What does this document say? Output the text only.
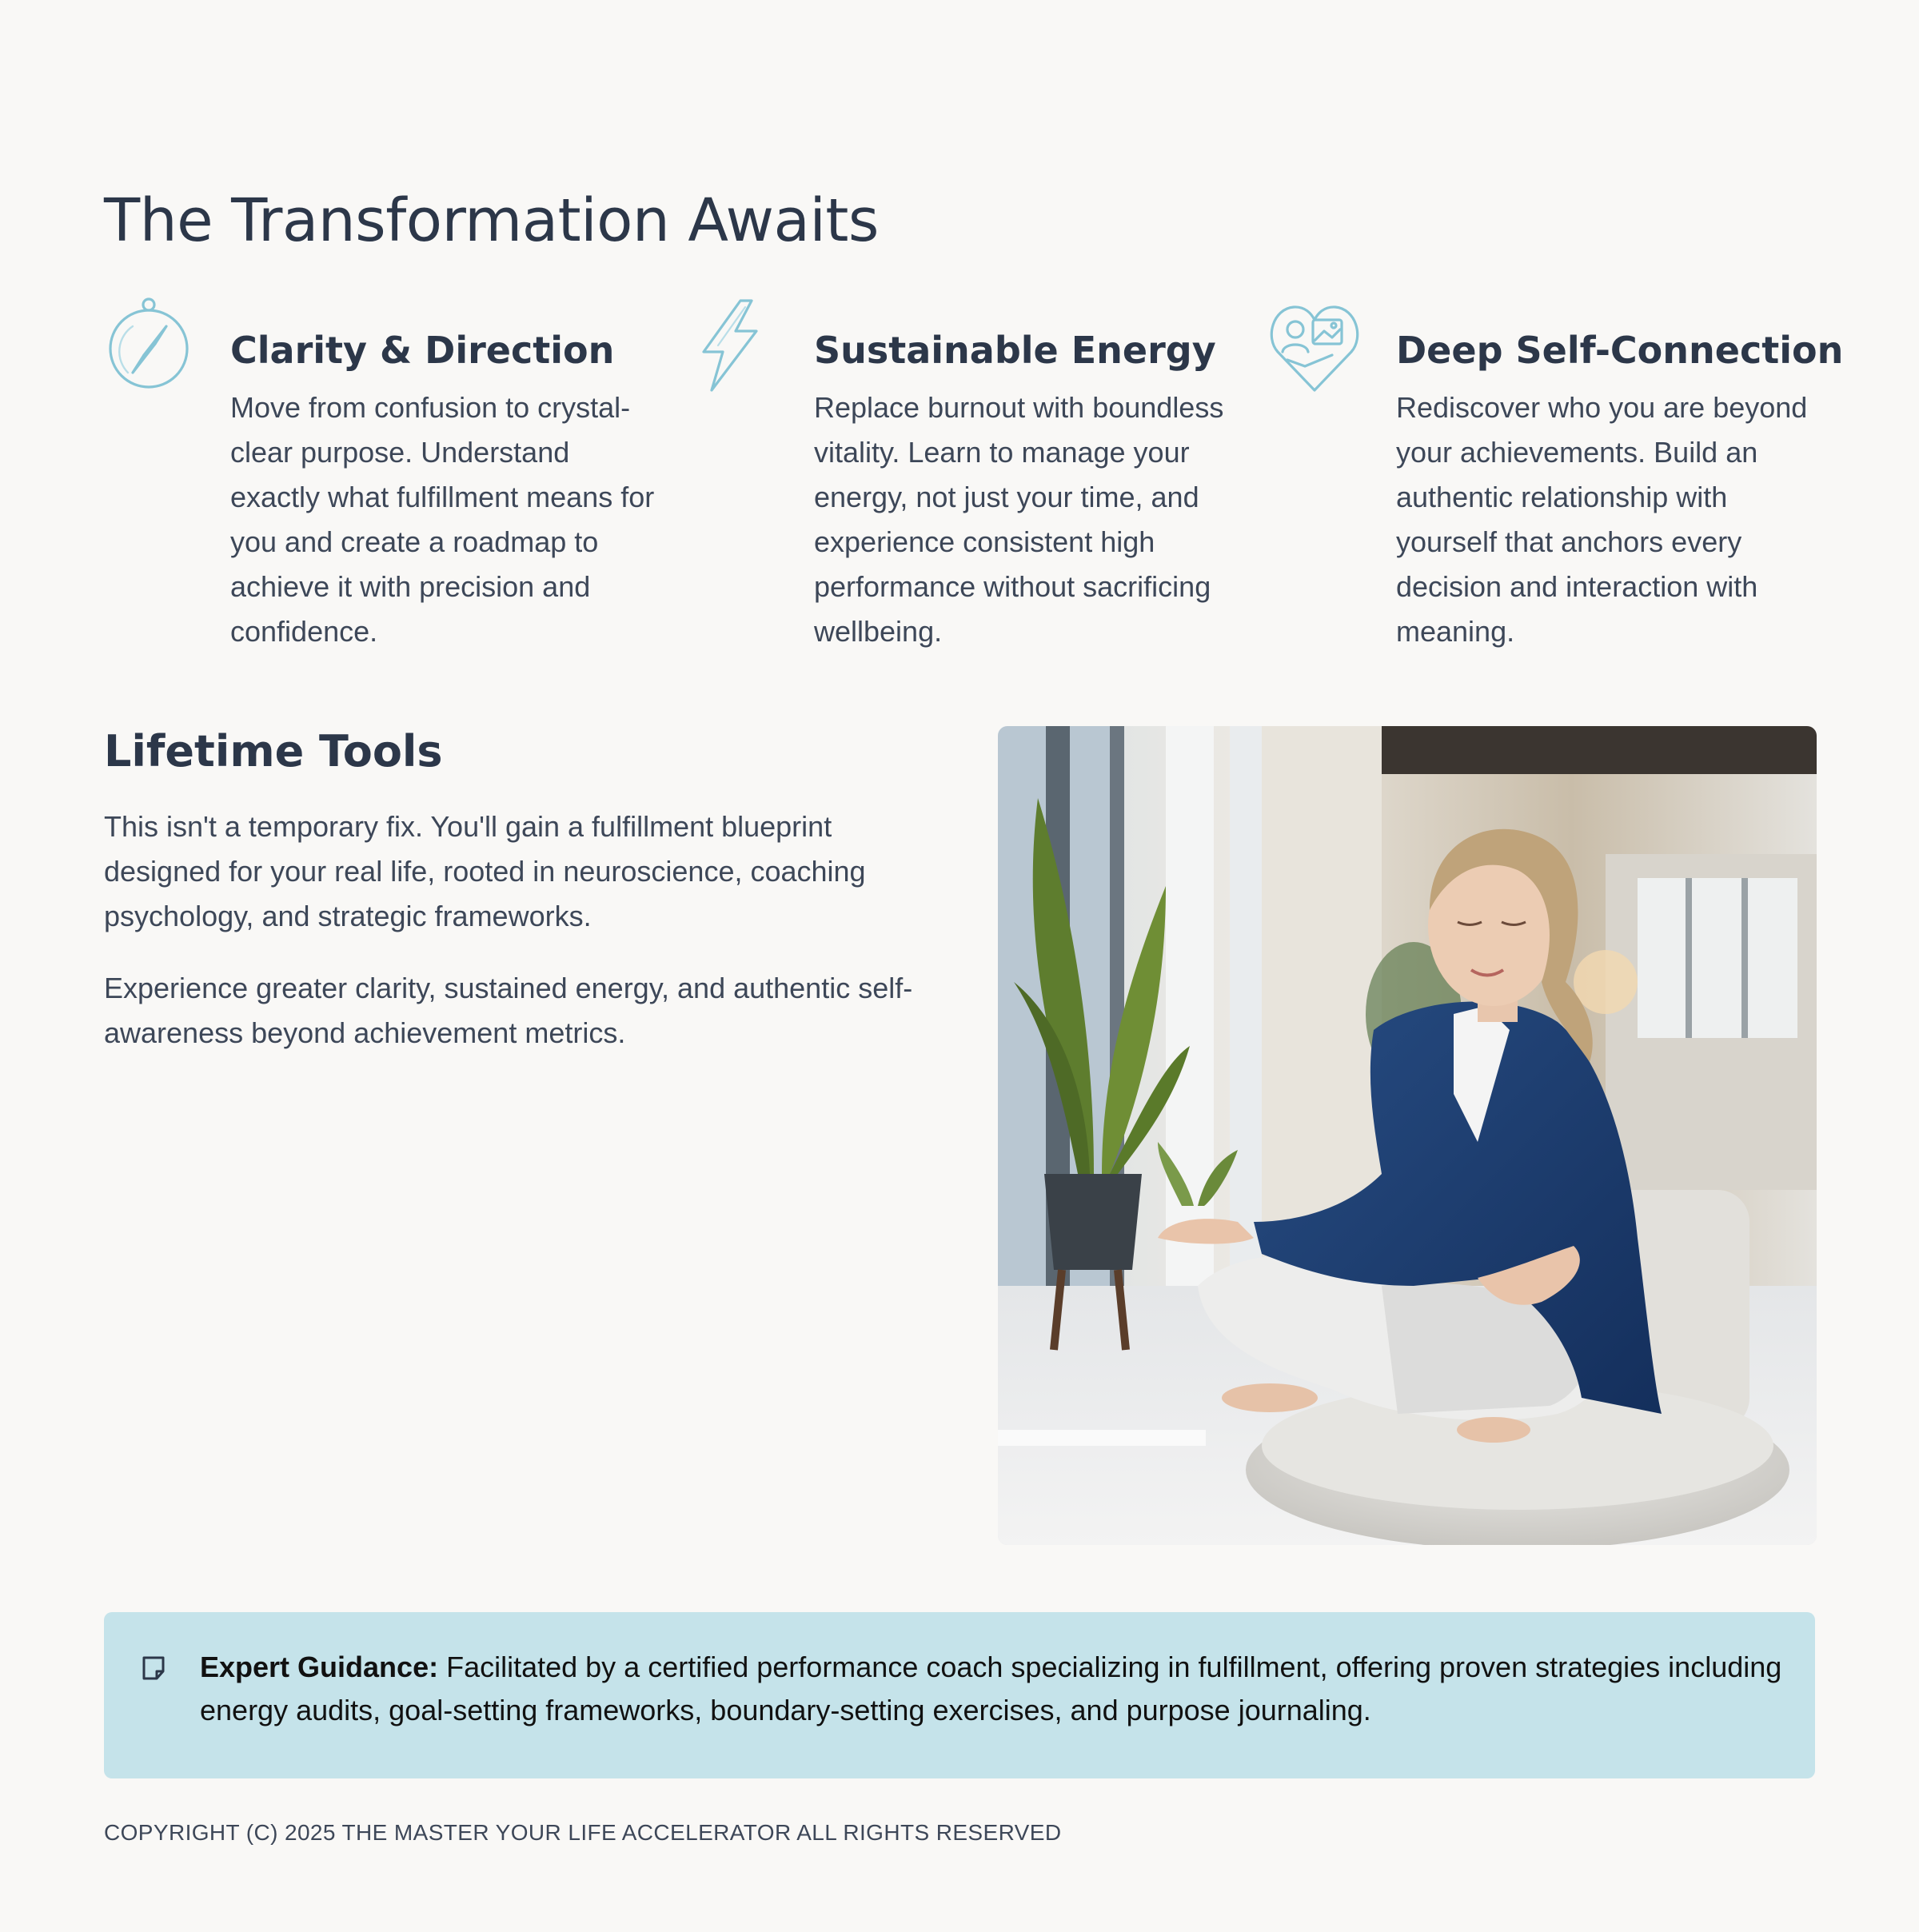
The Transformation Awaits
Clarity & Direction

Move from confusion to crystal-clear purpose. Understand exactly what fulfillment means for you and create a roadmap to achieve it with precision and confidence.

Sustainable Energy

Replace burnout with boundless vitality. Learn to manage your energy, not just your time, and experience consistent high performance without sacrificing wellbeing.

Deep Self-Connection

Rediscover who you are beyond your achievements. Build an authentic relationship with yourself that anchors every decision and interaction with meaning.

Lifetime Tools

This isn't a temporary fix. You'll gain a fulfillment blueprint designed for your real life, rooted in neuroscience, coaching psychology, and strategic frameworks.

Experience greater clarity, sustained energy, and authentic self-awareness beyond achievement metrics.

Expert Guidance: Facilitated by a certified performance coach specializing in fulfillment, offering proven strategies including energy audits, goal-setting frameworks, boundary-setting exercises, and purpose journaling.

COPYRIGHT (C) 2025 THE MASTER YOUR LIFE ACCELERATOR ALL RIGHTS RESERVED
